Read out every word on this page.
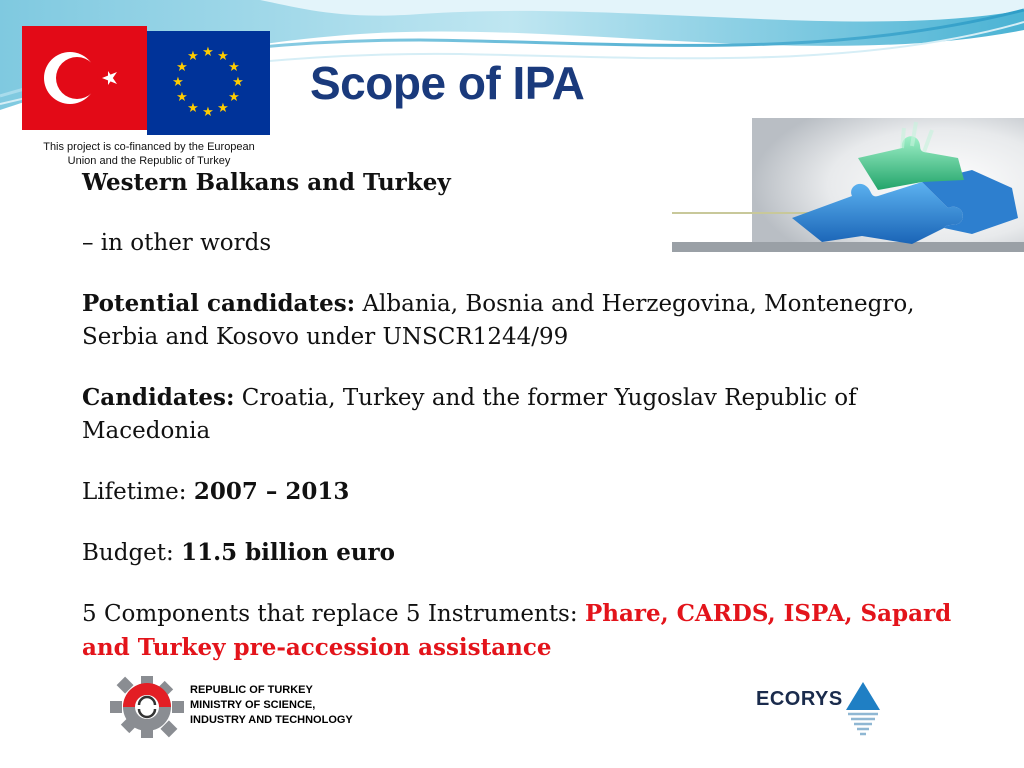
★ ★
★
★
★
★
★
★
★
★
★
★
This project is co-financed by the European
Union and the Republic of Turkey
Scope of IPA

Western Balkans and Turkey

– in other words

Potential candidates: Albania, Bosnia and Herzegovina, Montenegro, Serbia and Kosovo under UNSCR1244/99

Candidates: Croatia, Turkey and the former Yugoslav Republic of Macedonia

Lifetime: 2007 – 2013

Budget: 11.5 billion euro

5 Components that replace 5 Instruments: Phare, CARDS, ISPA, Sapard and Turkey pre-accession assistance

REPUBLIC OF TURKEY
MINISTRY OF SCIENCE,
INDUSTRY AND TECHNOLOGY
ECORYS
